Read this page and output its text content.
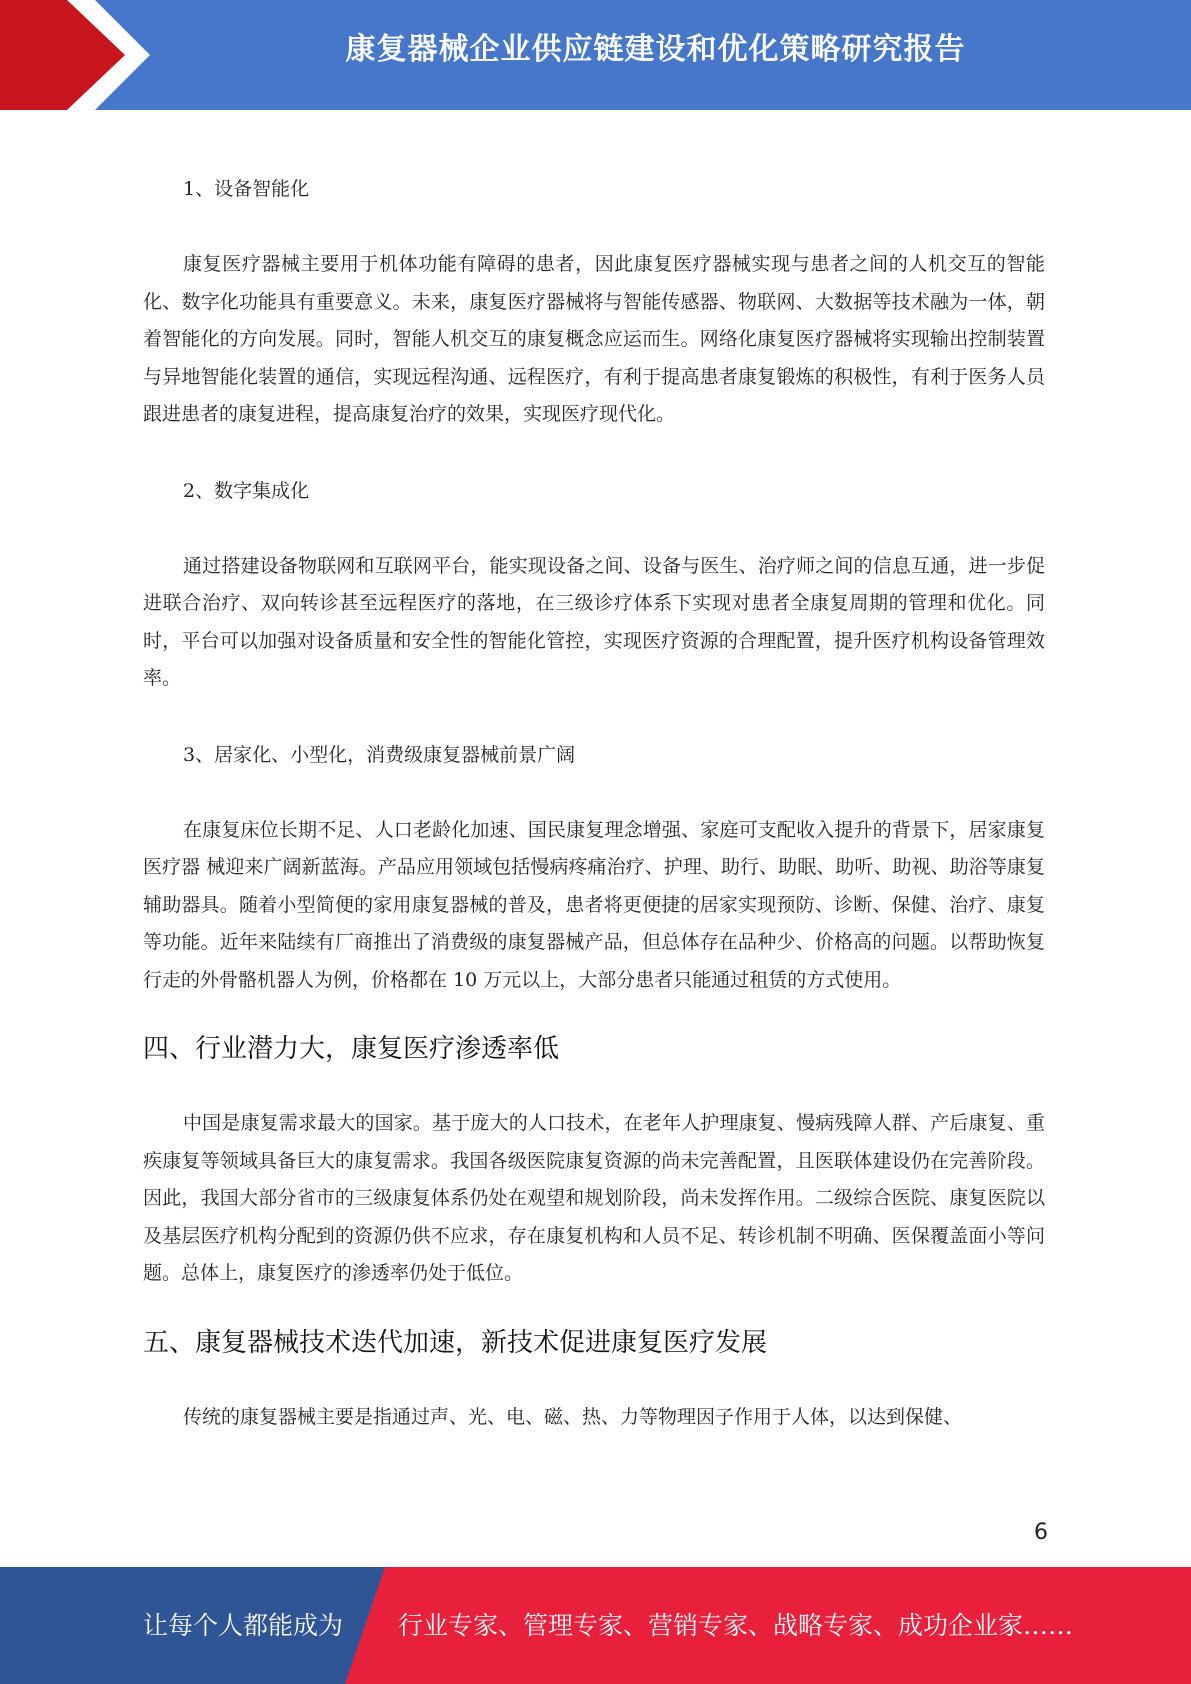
康复器械企业供应链建设和优化策略研究报告

1、设备智能化

康复医疗器械主要用于机体功能有障碍的患者，因此康复医疗器械实现与患者之间的人机交互的智能化、数字化功能具有重要意义。未来，康复医疗器械将与智能传感器、物联网、大数据等技术融为一体，朝着智能化的方向发展。同时，智能人机交互的康复概念应运而生。网络化康复医疗器械将实现输出控制装置与异地智能化装置的通信，实现远程沟通、远程医疗，有利于提高患者康复锻炼的积极性，有利于医务人员跟进患者的康复进程，提高康复治疗的效果，实现医疗现代化。

2、数字集成化

通过搭建设备物联网和互联网平台，能实现设备之间、设备与医生、治疗师之间的信息互通，进一步促进联合治疗、双向转诊甚至远程医疗的落地，在三级诊疗体系下实现对患者全康复周期的管理和优化。同时，平台可以加强对设备质量和安全性的智能化管控，实现医疗资源的合理配置，提升医疗机构设备管理效率。

3、居家化、小型化，消费级康复器械前景广阔

在康复床位长期不足、人口老龄化加速、国民康复理念增强、家庭可支配收入提升的背景下，居家康复医疗器 械迎来广阔新蓝海。产品应用领域包括慢病疼痛治疗、护理、助行、助眠、助听、助视、助浴等康复辅助器具。随着小型简便的家用康复器械的普及，患者将更便捷的居家实现预防、诊断、保健、治疗、康复等功能。近年来陆续有厂商推出了消费级的康复器械产品，但总体存在品种少、价格高的问题。以帮助恢复行走的外骨骼机器人为例，价格都在 10 万元以上，大部分患者只能通过租赁的方式使用。

四、行业潜力大，康复医疗渗透率低

中国是康复需求最大的国家。基于庞大的人口技术，在老年人护理康复、慢病残障人群、产后康复、重疾康复等领域具备巨大的康复需求。我国各级医院康复资源的尚未完善配置，且医联体建设仍在完善阶段。因此，我国大部分省市的三级康复体系仍处在观望和规划阶段，尚未发挥作用。二级综合医院、康复医院以及基层医疗机构分配到的资源仍供不应求，存在康复机构和人员不足、转诊机制不明确、医保覆盖面小等问题。总体上，康复医疗的渗透率仍处于低位。

五、康复器械技术迭代加速，新技术促进康复医疗发展

传统的康复器械主要是指通过声、光、电、磁、热、力等物理因子作用于人体，以达到保健、

6
让每个人都能成为 行业专家、管理专家、营销专家、战略专家、成功企业家……
